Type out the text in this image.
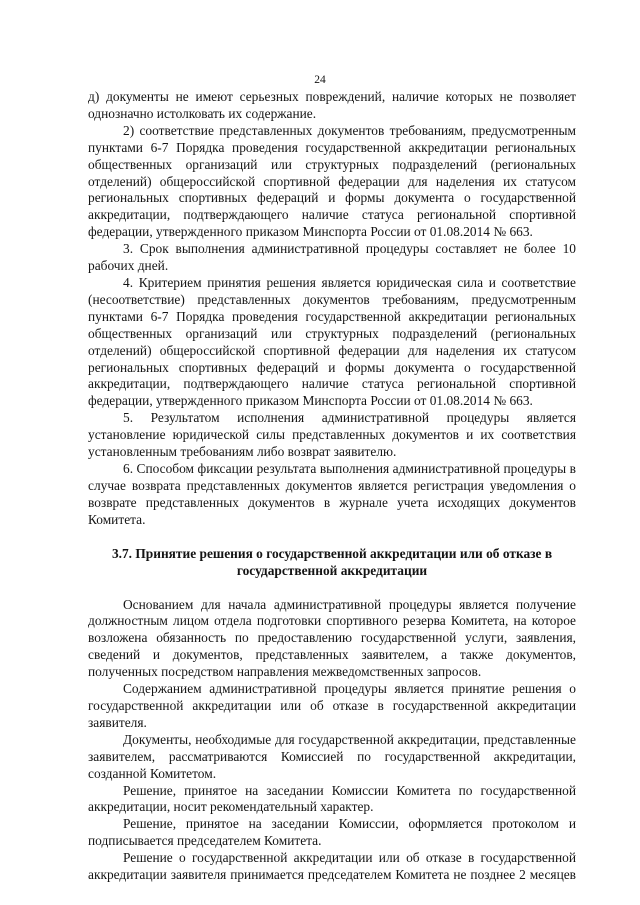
24

д) документы не имеют серьезных повреждений, наличие которых не позволяет однозначно истолковать их содержание.

2) соответствие представленных документов требованиям, предусмотренным пунктами 6-7 Порядка проведения государственной аккредитации региональных общественных организаций или структурных подразделений (региональных отделений) общероссийской спортивной федерации для наделения их статусом региональных спортивных федераций и формы документа о государственной аккредитации, подтверждающего наличие статуса региональной спортивной федерации, утвержденного приказом Минспорта России от 01.08.2014 № 663.

3. Срок выполнения административной процедуры составляет не более 10 рабочих дней.

4. Критерием принятия решения является юридическая сила и соответствие (несоответствие) представленных документов требованиям, предусмотренным пунктами 6-7 Порядка проведения государственной аккредитации региональных общественных организаций или структурных подразделений (региональных отделений) общероссийской спортивной федерации для наделения их статусом региональных спортивных федераций и формы документа о государственной аккредитации, подтверждающего наличие статуса региональной спортивной федерации, утвержденного приказом Минспорта России от 01.08.2014 № 663.

5. Результатом исполнения административной процедуры является установление юридической силы представленных документов и их соответствия установленным требованиям либо возврат заявителю.

6. Способом фиксации результата выполнения административной процедуры в случае возврата представленных документов является регистрация уведомления о возврате представленных документов в журнале учета исходящих документов Комитета.

3.7. Принятие решения о государственной аккредитации или об отказе в государственной аккредитации

Основанием для начала административной процедуры является получение должностным лицом отдела подготовки спортивного резерва Комитета, на которое возложена обязанность по предоставлению государственной услуги, заявления, сведений и документов, представленных заявителем, а также документов, полученных посредством направления межведомственных запросов.

Содержанием административной процедуры является принятие решения о государственной аккредитации или об отказе в государственной аккредитации заявителя.

Документы, необходимые для государственной аккредитации, представленные заявителем, рассматриваются Комиссией по государственной аккредитации, созданной Комитетом.

Решение, принятое на заседании Комиссии Комитета по государственной аккредитации, носит рекомендательный характер.

Решение, принятое на заседании Комиссии, оформляется протоколом и подписывается председателем Комитета.

Решение о государственной аккредитации или об отказе в государственной аккредитации заявителя принимается председателем Комитета не позднее 2 месяцев
